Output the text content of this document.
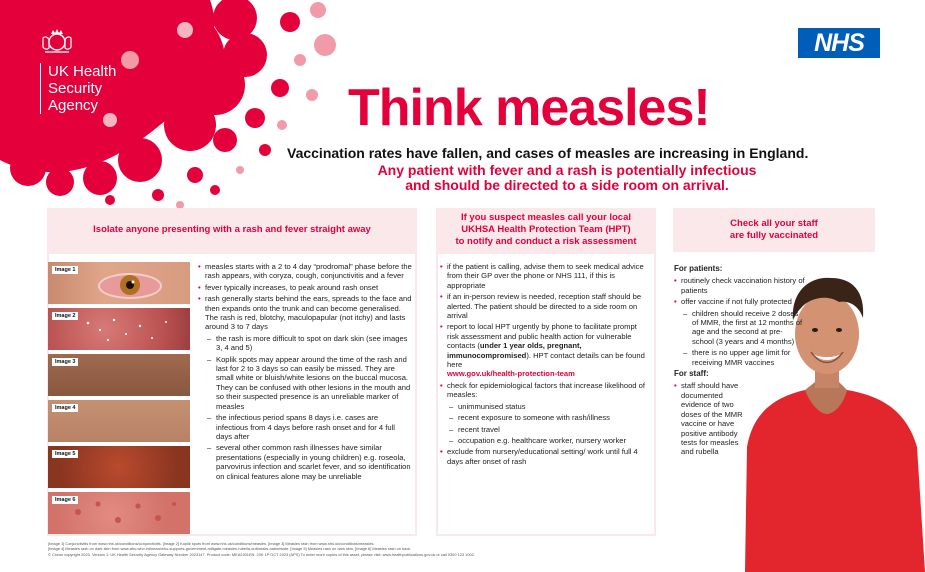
UK Health
Security
Agency
NHS
Think measles!
Vaccination rates have fallen, and cases of measles are increasing in England.
Any patient with fever and a rash is potentially infectious
and should be directed to a side room on arrival.
Isolate anyone presenting with a rash and fever straight away
Image 1
Image 2
Image 3
Image 4
Image 5
Image 6
• measles starts with a 2 to 4 day “prodromal” phase before the rash appears, with coryza, cough, conjunctivitis and a fever
• fever typically increases, to peak around rash onset
• rash generally starts behind the ears, spreads to the face and then expands onto the trunk and can become generalised. The rash is red, blotchy, maculopapular (not itchy) and lasts around 3 to 7 days
– the rash is more difficult to spot on dark skin (see images 3, 4 and 5)
– Koplik spots may appear around the time of the rash and last for 2 to 3 days so can easily be missed. They are small white or bluish/white lesions on the buccal mucosa. They can be confused with other lesions in the mouth and so their suspected presence is an unreliable marker of measles
– the infectious period spans 8 days i.e. cases are infectious from 4 days before rash onset and for 4 full days after
– several other common rash illnesses have similar presentations (especially in young children) e.g. roseola, parvovirus infection and scarlet fever, and so identification on clinical features alone may be unreliable
If you suspect measles call your local
UKHSA Health Protection Team (HPT)
to notify and conduct a risk assessment
• if the patient is calling, advise them to seek medical advice from their GP over the phone or NHS 111, if this is appropriate
• if an in-person review is needed, reception staff should be alerted. The patient should be directed to a side room on arrival
• report to local HPT urgently by phone to facilitate prompt risk assessment and public health action for vulnerable contacts (under 1 year olds, pregnant, immunocompromised). HPT contact details can be found here
www.gov.uk/health-protection-team
• check for epidemiological factors that increase likelihood of measles:
– unimmunised status
– recent exposure to someone with rash/illness
– recent travel
– occupation e.g. healthcare worker, nursery worker
• exclude from nursery/educational setting/ work until full 4 days after onset of rash
Check all your staff
are fully vaccinated
For patients:
• routinely check vaccination history of patients
• offer vaccine if not fully protected
– children should receive 2 doses of MMR, the first at 12 months of age and the second at pre-school (3 years and 4 months)
– there is no upper age limit for receiving MMR vaccines
For staff:
• staff should have documented evidence of two doses of the MMR vaccine or have positive antibody tests for measles and rubella
[Image 1] Conjunctivitis from www.nhs.uk/conditions/conjunctivitis. [Image 2] Koplik spots from www.nhs.uk/conditions/measles. [Image 3] Measles rash from www.nhs.uk/conditions/measles.
[Image 4] Measles rash on dark skin from www.afro.who.int/news/who-supports-government-mitigate-measles-rubella-outbreaks-nationwide. [Image 5] Measles rash on dark skin. [Image 6] Measles rash on back
© Crown copyright 2023. Version 1. UK Health Security Agency Gateway Number 2023147. Product code: MEA2301EN. 20K 1P OCT 2023 (APS) To order more copies of this asset, please visit: www.healthpublications.gov.uk or call 0300 123 1002.
